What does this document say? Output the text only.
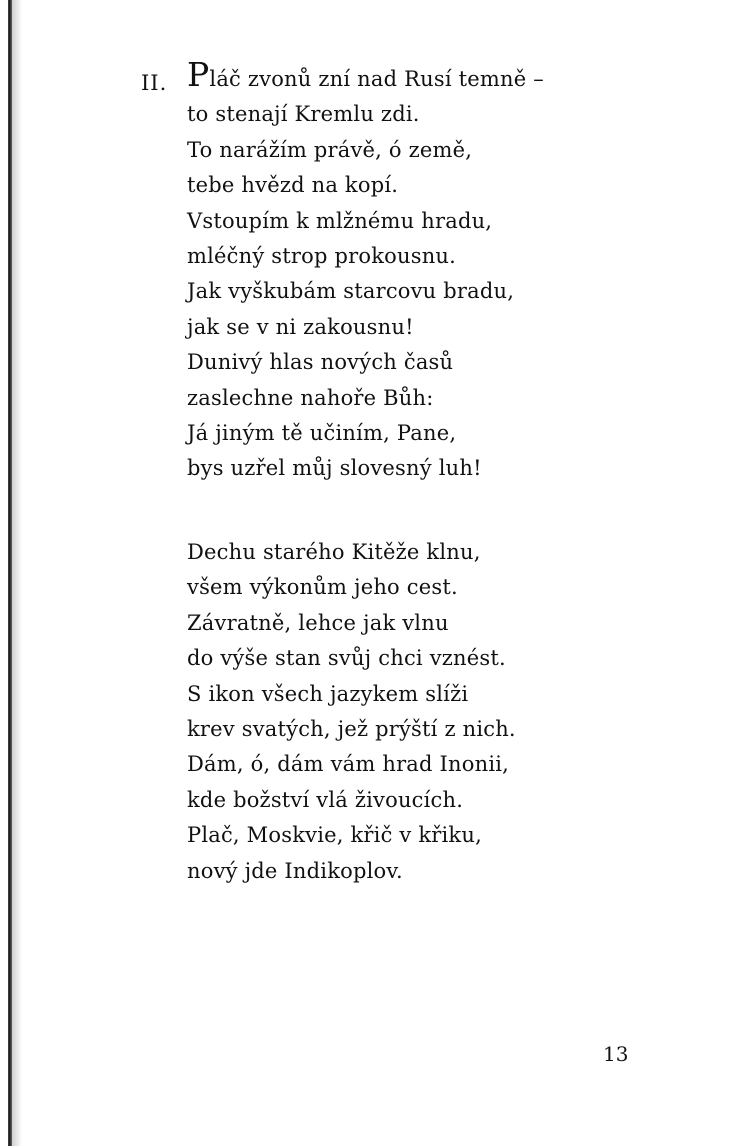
II. Pláč zvonů zní nad Rusí temně –
to stenají Kremlu zdi.
To narážím právě, ó země,
tebe hvězd na kopí.
Vstoupím k mlžnému hradu,
mléčný strop prokousnu.
Jak vyškubám starcovu bradu,
jak se v ni zakousnu!
Dunivý hlas nových časů
zaslechne nahoře Bůh:
Já jiným tě učiním, Pane,
bys uzřel můj slovesný luh!
Dechu starého Kitěže klnu,
všem výkonům jeho cest.
Závratně, lehce jak vlnu
do výše stan svůj chci vznést.
S ikon všech jazykem slíži
krev svatých, jež prýští z nich.
Dám, ó, dám vám hrad Inonii,
kde božství vlá živoucích.
Plač, Moskvie, křič v křiku,
nový jde Indikoplov.
13
